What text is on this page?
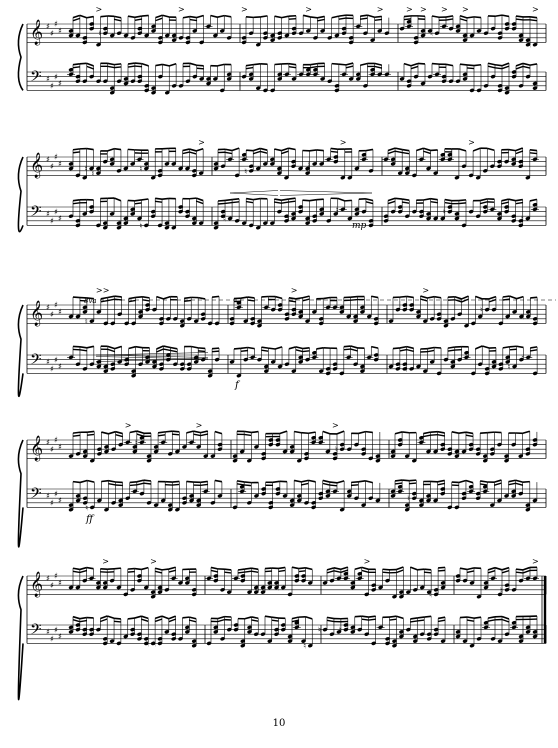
𝄞 ♯
♯
♯
♯
𝄢 ♯
♯
♯
♯
>
♮
>	>	>	>	> >
♮
> >	>
♮
𝄞 ♯
♯
♯
♯
𝄢 ♯
♯
♯
♯
♮
♮
♮
>
♮ ♮
♮
♮
>
♮	♮
♮
>
♮
♮
𝄞 ♯
♯
♯
♯
𝄢 ♯
♯
♯
♯
♮
> >	>	>
♮
♮
♮	♮
♮
𝄞 ♯
♯
♯
♯
𝄢 ♯
♯
♯
♯
>
♮
>
♮
>
♮
♮
𝄞 ♯
♯
♯
♯
𝄢 ♯
♯
♯
♯
>	>
♮
♮ ♮
♮
♮
>
♮
♮ ♮
♮
>
mp
f
ff
8va
10
